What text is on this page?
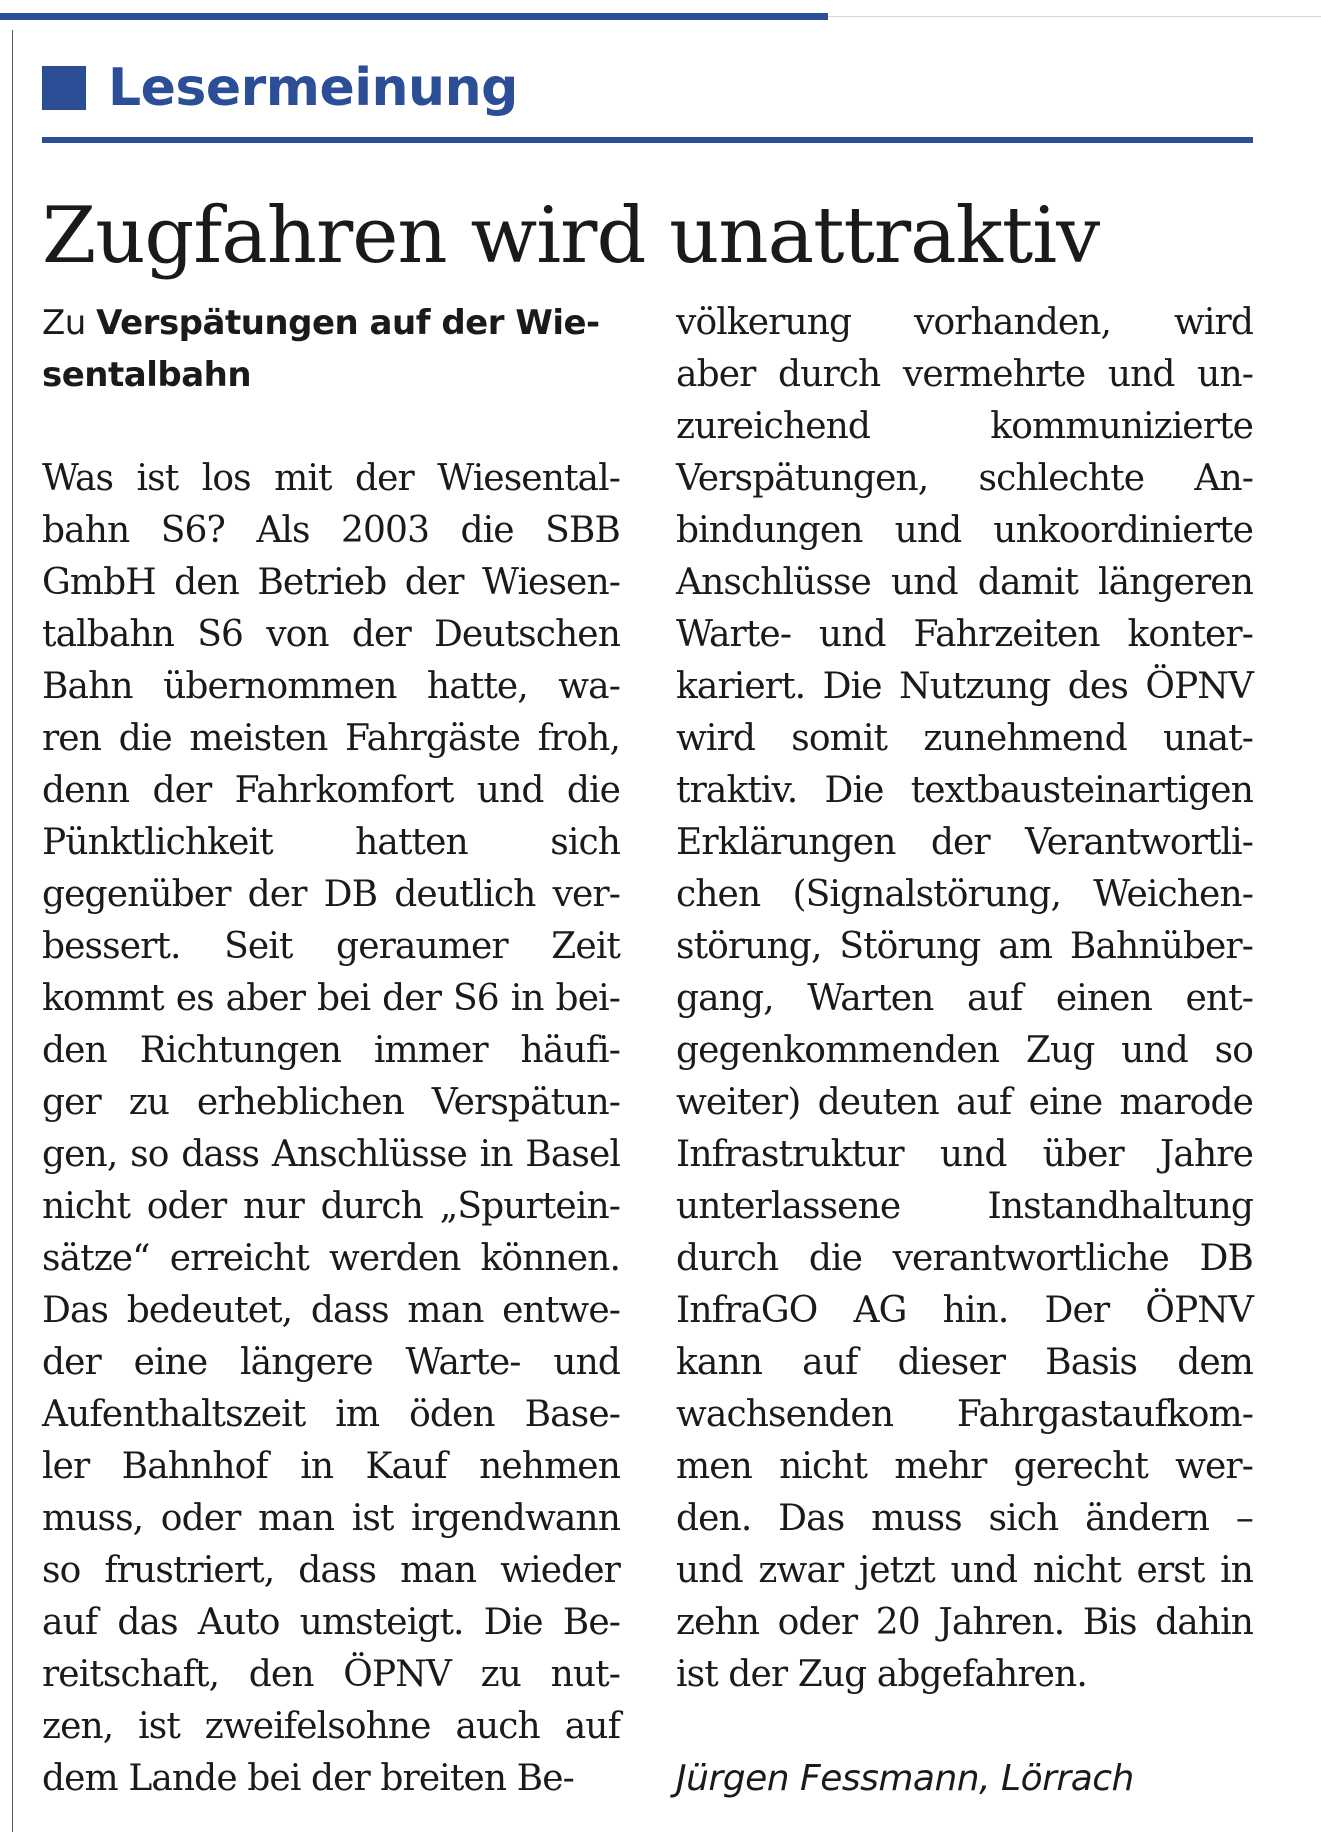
Lesermeinung
Zugfahren wird unattraktiv

Zu Verspätungen auf der Wie-
sentalbahn

Was ist los mit der Wiesental-
bahn S6? Als 2003 die SBB
GmbH den Betrieb der Wiesen-
talbahn S6 von der Deutschen
Bahn übernommen hatte, wa-
ren die meisten Fahrgäste froh,
denn der Fahrkomfort und die
Pünktlichkeit hatten sich
gegenüber der DB deutlich ver-
bessert. Seit geraumer Zeit
kommt es aber bei der S6 in bei-
den Richtungen immer häufi-
ger zu erheblichen Verspätun-
gen, so dass Anschlüsse in Basel
nicht oder nur durch „Spurtein-
sätze“ erreicht werden können.
Das bedeutet, dass man entwe-
der eine längere Warte- und
Aufenthaltszeit im öden Base-
ler Bahnhof in Kauf nehmen
muss, oder man ist irgendwann
so frustriert, dass man wieder
auf das Auto umsteigt. Die Be-
reitschaft, den ÖPNV zu nut-
zen, ist zweifelsohne auch auf
dem Lande bei der breiten Be-
völkerung vorhanden, wird
aber durch vermehrte und un-
zureichend kommunizierte
Verspätungen, schlechte An-
bindungen und unkoordinierte
Anschlüsse und damit längeren
Warte- und Fahrzeiten konter-
kariert. Die Nutzung des ÖPNV
wird somit zunehmend unat-
traktiv. Die textbausteinartigen
Erklärungen der Verantwortli-
chen (Signalstörung, Weichen-
störung, Störung am Bahnüber-
gang, Warten auf einen ent-
gegenkommenden Zug und so
weiter) deuten auf eine marode
Infrastruktur und über Jahre
unterlassene Instandhaltung
durch die verantwortliche DB
InfraGO AG hin. Der ÖPNV
kann auf dieser Basis dem
wachsenden Fahrgastaufkom-
men nicht mehr gerecht wer-
den. Das muss sich ändern –
und zwar jetzt und nicht erst in
zehn oder 20 Jahren. Bis dahin
ist der Zug abgefahren.
Jürgen Fessmann, Lörrach
